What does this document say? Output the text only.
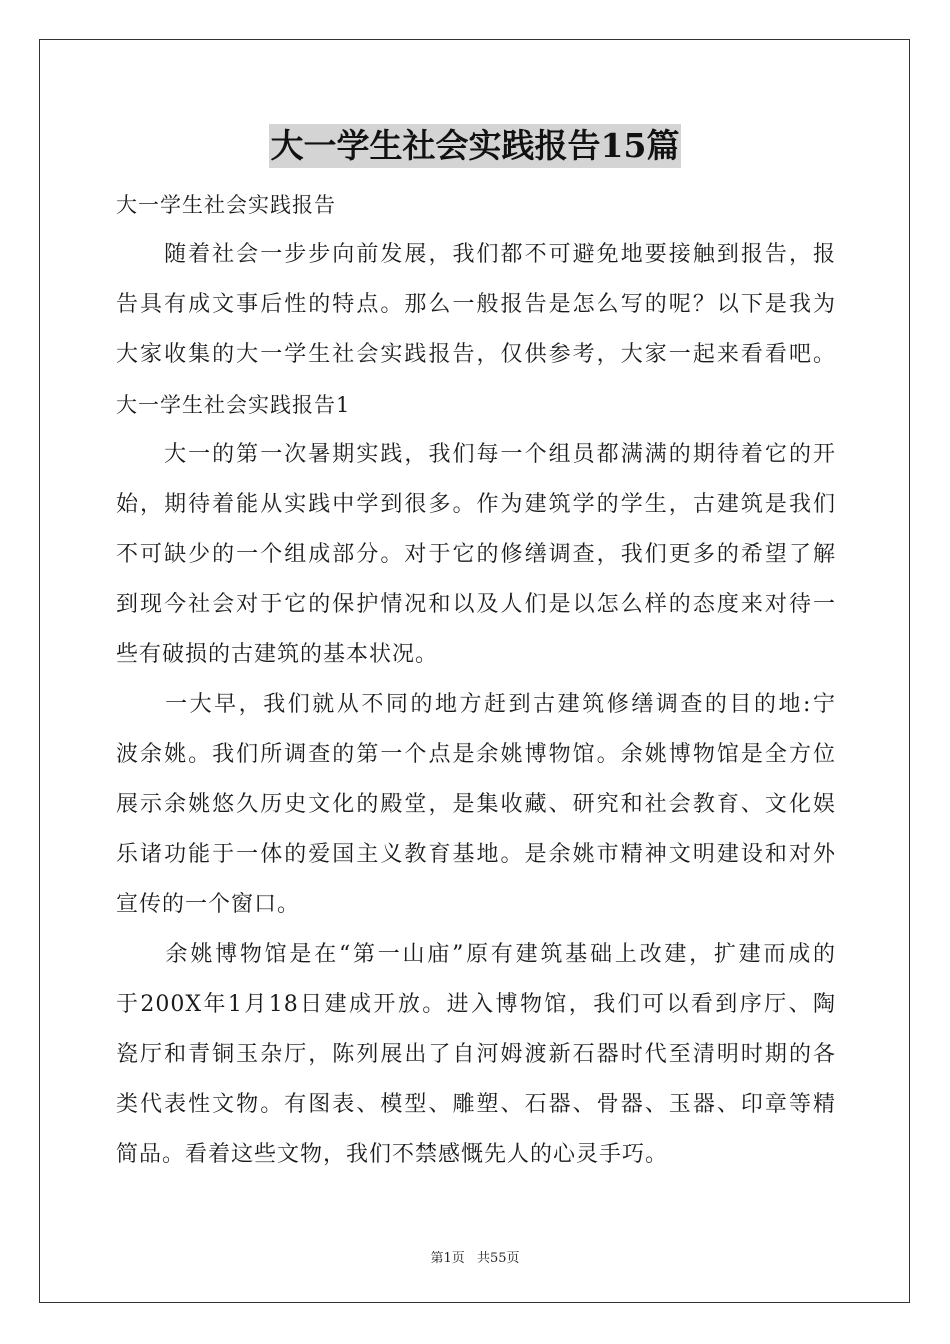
大一学生社会实践报告15篇
大一学生社会实践报告
　　随着社会一步步向前发展，我们都不可避免地要接触到报告，报
告具有成文事后性的特点。那么一般报告是怎么写的呢？以下是我为
大家收集的大一学生社会实践报告，仅供参考，大家一起来看看吧。
大一学生社会实践报告1
　　大一的第一次暑期实践，我们每一个组员都满满的期待着它的开
始，期待着能从实践中学到很多。作为建筑学的学生，古建筑是我们
不可缺少的一个组成部分。对于它的修缮调查，我们更多的希望了解
到现今社会对于它的保护情况和以及人们是以怎么样的态度来对待一
些有破损的古建筑的基本状况。
　　一大早，我们就从不同的地方赶到古建筑修缮调查的目的地:宁
波余姚。我们所调查的第一个点是余姚博物馆。余姚博物馆是全方位
展示余姚悠久历史文化的殿堂，是集收藏、研究和社会教育、文化娱
乐诸功能于一体的爱国主义教育基地。是余姚市精神文明建设和对外
宣传的一个窗口。
　　余姚博物馆是在“第一山庙”原有建筑基础上改建，扩建而成的
于200X年1月18日建成开放。进入博物馆，我们可以看到序厅、陶
瓷厅和青铜玉杂厅，陈列展出了自河姆渡新石器时代至清明时期的各
类代表性文物。有图表、模型、雕塑、石器、骨器、玉器、印章等精
简品。看着这些文物，我们不禁感慨先人的心灵手巧。
第1页 共55页
